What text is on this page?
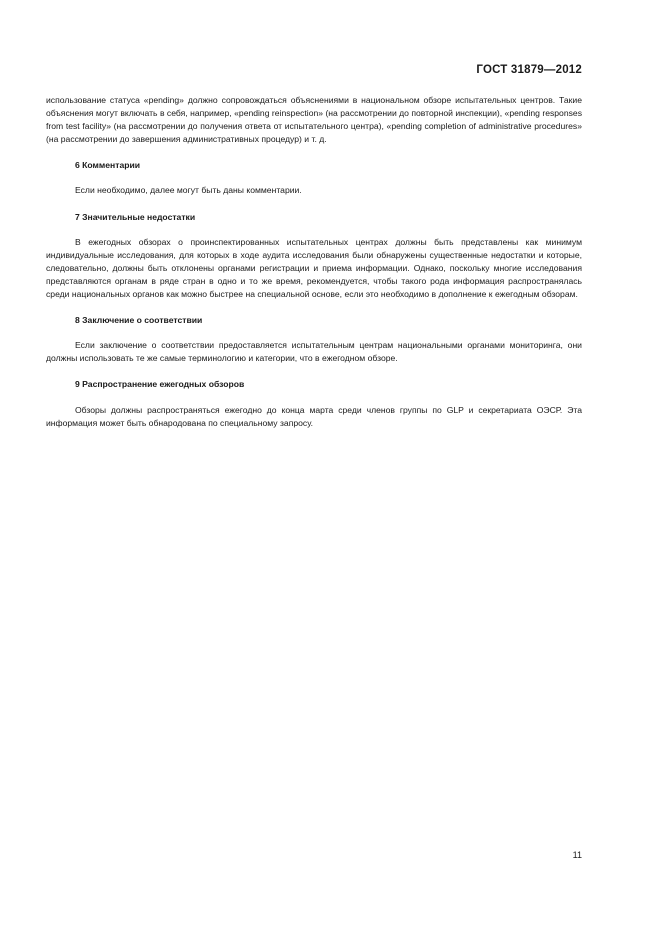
ГОСТ 31879—2012

использование статуса «pending» должно сопровождаться объяснениями в национальном обзоре испытательных центров. Такие объяснения могут включать в себя, например, «pending reinspection» (на рассмотрении до повторной инспекции), «pending responses from test facility» (на рассмотрении до получения ответа от испытательного центра), «pending completion of administrative procedures» (на рассмотрении до завершения административных процедур) и т. д.

6 Комментарии

Если необходимо, далее могут быть даны комментарии.

7 Значительные недостатки

В ежегодных обзорах о проинспектированных испытательных центрах должны быть представлены как минимум индивидуальные исследования, для которых в ходе аудита исследования были обнаружены существенные недостатки и которые, следовательно, должны быть отклонены органами регистрации и приема информации. Однако, поскольку многие исследования представляются органам в ряде стран в одно и то же время, рекомендуется, чтобы такого рода информация распространялась среди национальных органов как можно быстрее на специальной основе, если это необходимо в дополнение к ежегодным обзорам.

8 Заключение о соответствии

Если заключение о соответствии предоставляется испытательным центрам национальными органами мониторинга, они должны использовать те же самые терминологию и категории, что в ежегодном обзоре.

9 Распространение ежегодных обзоров

Обзоры должны распространяться ежегодно до конца марта среди членов группы по GLP и секретариата ОЭСР. Эта информация может быть обнародована по специальному запросу.

11
